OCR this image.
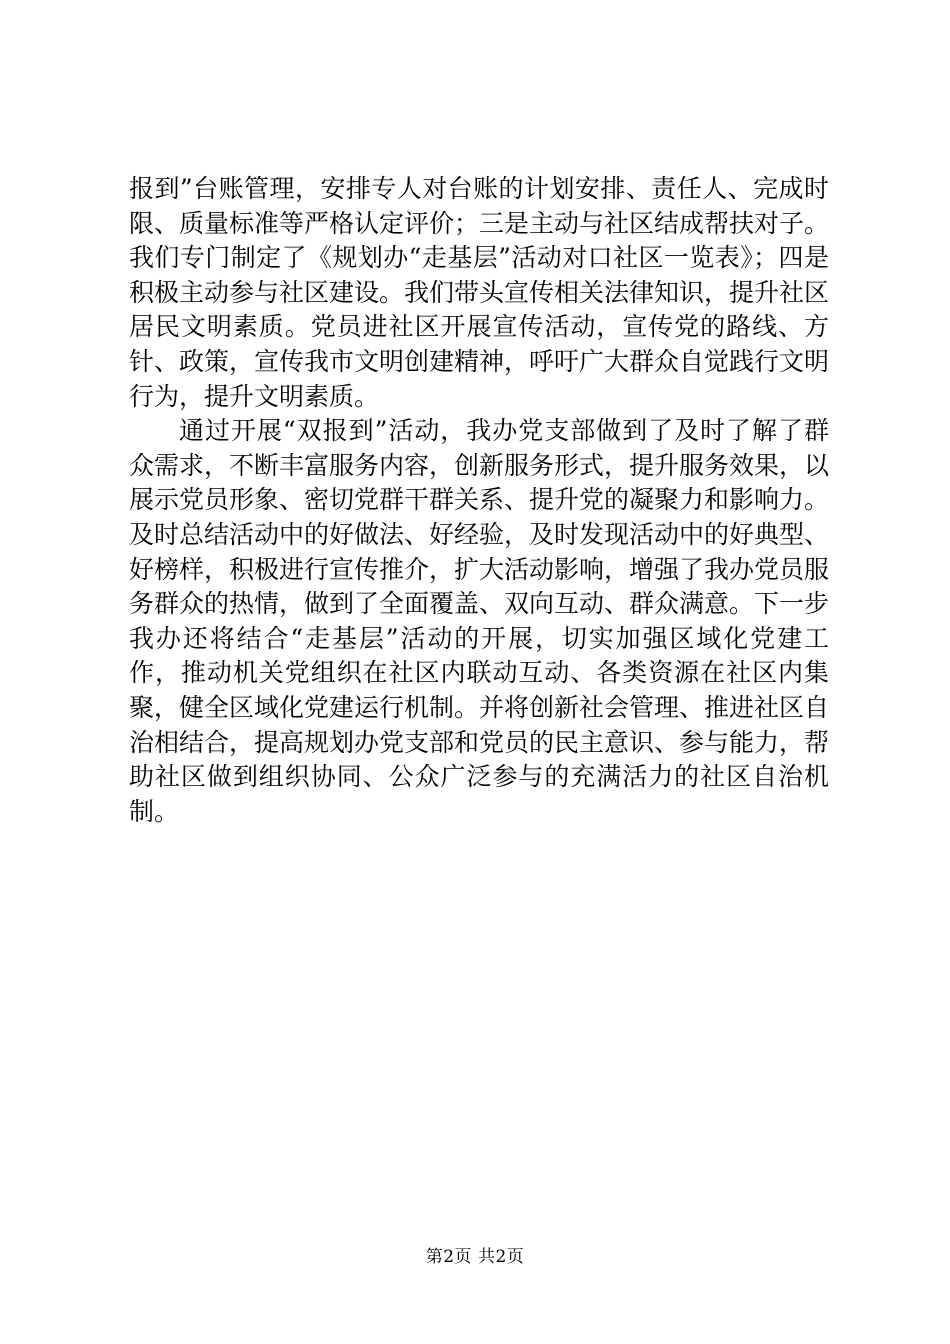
报到”台账管理，安排专人对台账的计划安排、责任人、完成时限、质量标准等严格认定评价；三是主动与社区结成帮扶对子。我们专门制定了《规划办“走基层”活动对口社区一览表》；四是积极主动参与社区建设。我们带头宣传相关法律知识，提升社区居民文明素质。党员进社区开展宣传活动，宣传党的路线、方针、政策，宣传我市文明创建精神，呼吁广大群众自觉践行文明行为，提升文明素质。

通过开展“双报到”活动，我办党支部做到了及时了解了群众需求，不断丰富服务内容，创新服务形式，提升服务效果，以展示党员形象、密切党群干群关系、提升党的凝聚力和影响力。及时总结活动中的好做法、好经验，及时发现活动中的好典型、好榜样，积极进行宣传推介，扩大活动影响，增强了我办党员服务群众的热情，做到了全面覆盖、双向互动、群众满意。下一步我办还将结合“走基层”活动的开展，切实加强区域化党建工作，推动机关党组织在社区内联动互动、各类资源在社区内集聚，健全区域化党建运行机制。并将创新社会管理、推进社区自治相结合，提高规划办党支部和党员的民主意识、参与能力，帮助社区做到组织协同、公众广泛参与的充满活力的社区自治机制。

第2页 共2页
